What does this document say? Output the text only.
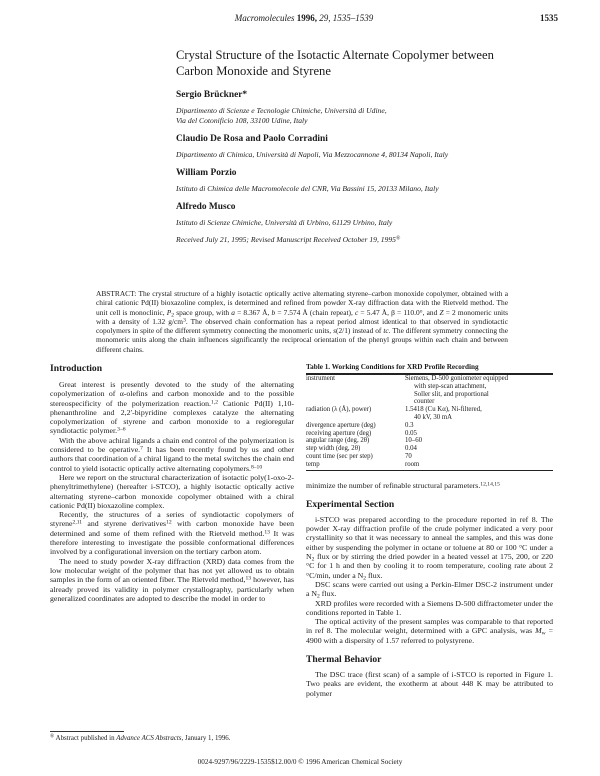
Macromolecules 1996, 29, 1535–1539	1535
Crystal Structure of the Isotactic Alternate Copolymer between
Carbon Monoxide and Styrene

Sergio Brückner*

Dipartimento di Scienze e Tecnologie Chimiche, Università di Udine,

Via del Cotonificio 108, 33100 Udine, Italy

Claudio De Rosa and Paolo Corradini

Dipartimento di Chimica, Università di Napoli, Via Mezzocannone 4, 80134 Napoli, Italy

William Porzio

Istituto di Chimica delle Macromolecole del CNR, Via Bassini 15, 20133 Milano, Italy

Alfredo Musco

Istituto di Scienze Chimiche, Università di Urbino, 61129 Urbino, Italy

Received July 21, 1995; Revised Manuscript Received October 19, 1995®

ABSTRACT: The crystal structure of a highly isotactic optically active alternating styrene–carbon monoxide copolymer, obtained with a chiral cationic Pd(II) bioxazoline complex, is determined and refined from powder X-ray diffraction data with the Rietveld method. The unit cell is monoclinic, $P_2$ space group, with a = 8.367 Å, b = 7.574 Å (chain repeat), c = 5.47 Å, β = 110.0°, and Z = 2 monomeric units with a density of 1.32 $g/cm^3$. The observed chain conformation has a repeat period almost identical to that observed in syndiotactic copolymers in spite of the different symmetry connecting the monomeric units, s(2/1) instead of tc. The different symmetry connecting the monomeric units along the chain influences significantly the reciprocal orientation of the phenyl groups within each chain and between different chains.

Introduction

Great interest is presently devoted to the study of the alternating copolymerization of α-olefins and carbon monoxide and to the possible stereospecificity of the polymerization reaction.$^{1,2}$ Cationic Pd(II) 1,10-phenanthroline and 2,2′-bipyridine complexes catalyze the alternating copolymerization of styrene and carbon monoxide to a regioregular syndiotactic polymer.$^{3-6}$

With the above achiral ligands a chain end control of the polymerization is considered to be operative.$^7$ It has been recently found by us and other authors that coordination of a chiral ligand to the metal switches the chain end control to yield isotactic optically active alternating copolymers.$^{8-10}$

Here we report on the structural characterization of isotactic poly(1-oxo-2-phenyltrimethylene) (hereafter i-STCO), a highly isotactic optically active alternating styrene–carbon monoxide copolymer obtained with a chiral cationic Pd(II) bioxazoline complex.

Recently, the structures of a series of syndiotactic copolymers of styrene$^{2,11}$ and styrene derivatives$^{12}$ with carbon monoxide have been determined and some of them refined with the Rietveld method.$^{13}$ It was therefore interesting to investigate the possible conformational differences involved by a configurational inversion on the tertiary carbon atom.

The need to study powder X-ray diffraction (XRD) data comes from the low molecular weight of the polymer that has not yet allowed us to obtain samples in the form of an oriented fiber. The Rietveld method,$^{13}$ however, has already proved its validity in polymer crystallography, particularly when generalized coordinates are adopted to describe the model in order to

® Abstract published in Advance ACS Abstracts, January 1, 1996.

Table 1. Working Conditions for XRD Profile Recording

instrument	Siemens, D-500 goniometer equipped
with step-scan attachment,
Soller slit, and proportional
counter

radiation (λ (Å), power)	1.5418 (Cu Kα), Ni-filtered,
40 kV, 30 mA

divergence aperture (deg)	0.3
receiving aperture (deg)	0.05
angular range (deg, 2θ)	10–60
step width (deg, 2θ)	0.04
count time (sec per step)	70
temp	room

minimize the number of refinable structural parameters.$^{12,14,15}$

Experimental Section

i-STCO was prepared according to the procedure reported in ref 8. The powder X-ray diffraction profile of the crude polymer indicated a very poor crystallinity so that it was necessary to anneal the samples, and this was done either by suspending the polymer in octane or toluene at 80 or 100 °C under a $N_2$ flux or by stirring the dried powder in a heated vessel at 175, 200, or 220 °C for 1 h and then by cooling it to room temperature, cooling rate about 2 °C/min, under a $N_2$ flux.

DSC scans were carried out using a Perkin-Elmer DSC-2 instrument under a $N_2$ flux.

XRD profiles were recorded with a Siemens D-500 diffractometer under the conditions reported in Table 1.

The optical activity of the present samples was comparable to that reported in ref 8. The molecular weight, determined with a GPC analysis, was $M_w = 4900$ with a dispersity of 1.57 referred to polystyrene.

Thermal Behavior

The DSC trace (first scan) of a sample of i-STCO is reported in Figure 1. Two peaks are evident, the exotherm at about 448 K may be attributed to polymer

0024-9297/96/2229-1535$12.00/0 © 1996 American Chemical Society
